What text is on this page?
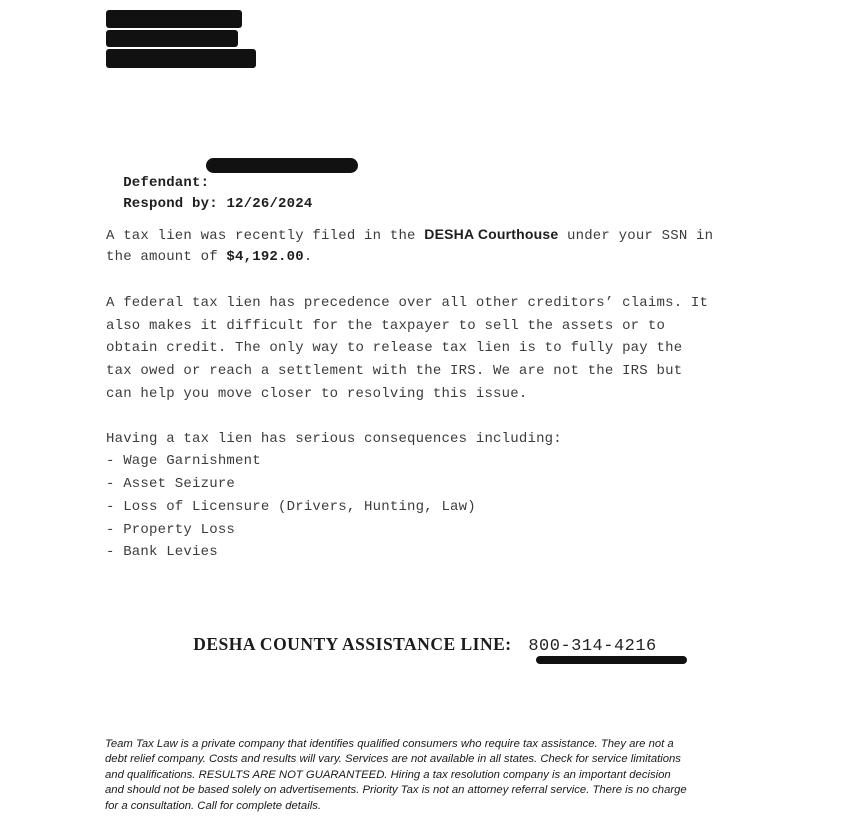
Defendant:

Respond by: 12/26/2024

A tax lien was recently filed in the DESHA Courthouse under your SSN in
the amount of $4,192.00.
A federal tax lien has precedence over all other creditors’ claims. It
also makes it difficult for the taxpayer to sell the assets or to
obtain credit. The only way to release tax lien is to fully pay the
tax owed or reach a settlement with the IRS. We are not the IRS but
can help you move closer to resolving this issue.
Having a tax lien has serious consequences including:
- Wage Garnishment
- Asset Seizure
- Loss of Licensure (Drivers, Hunting, Law)
- Property Loss
- Bank Levies
DESHA COUNTY ASSISTANCE LINE: 800-314-4216
Team Tax Law is a private company that identifies qualified consumers who require tax assistance. They are not a
debt relief company. Costs and results will vary. Services are not available in all states. Check for service limitations
and qualifications. RESULTS ARE NOT GUARANTEED. Hiring a tax resolution company is an important decision
and should not be based solely on advertisements. Priority Tax is not an attorney referral service. There is no charge
for a consultation. Call for complete details.
